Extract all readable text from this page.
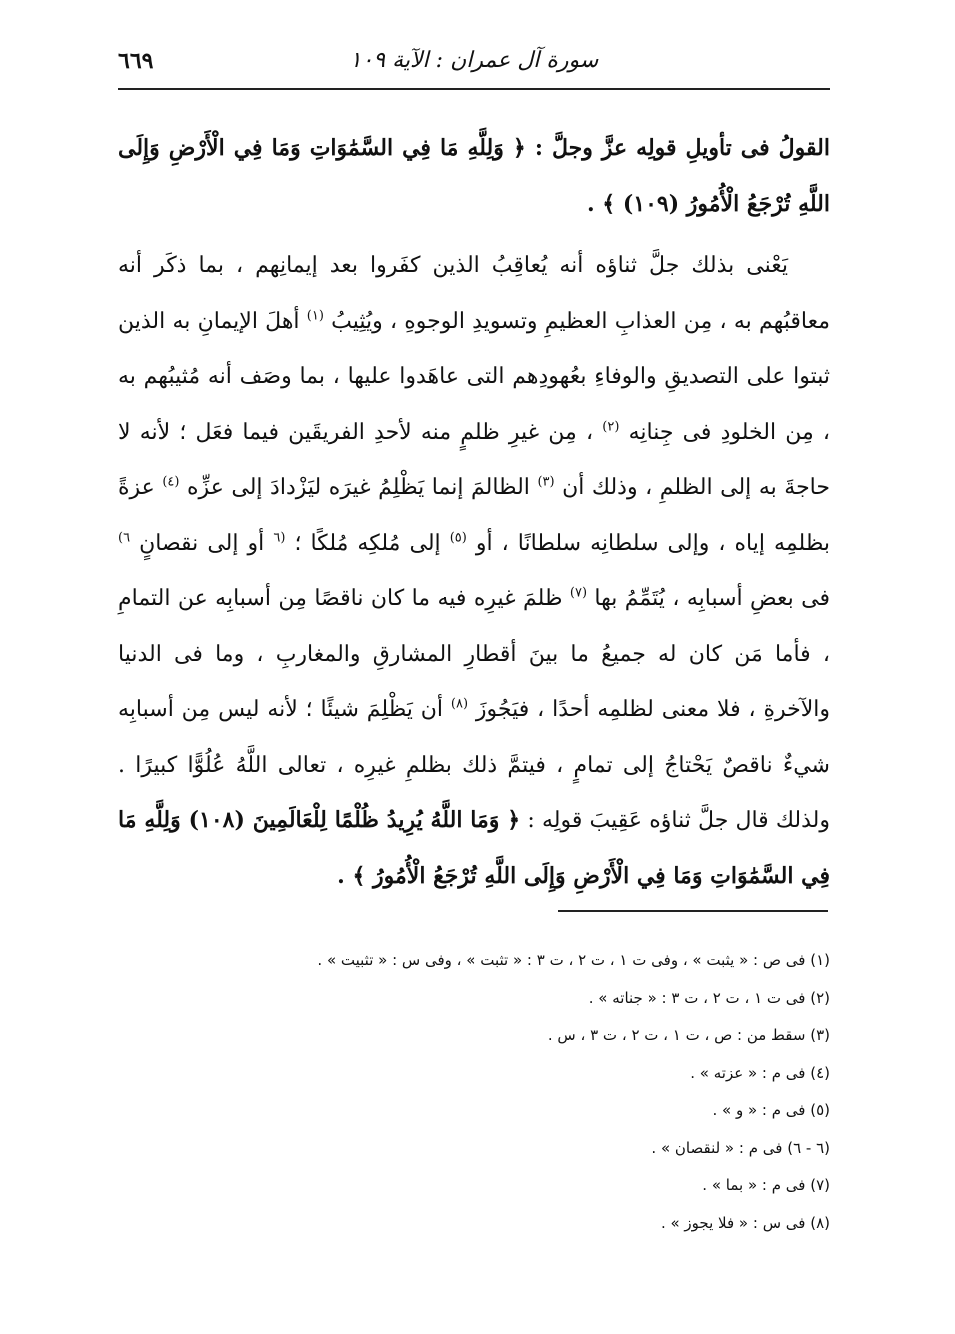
سورة آل عمران : الآية ١٠٩
٦٦٩
القولُ فى تأويلِ قولِه عزَّ وجلَّ : ﴿ وَلِلَّهِ مَا فِي السَّمَٰوَاتِ وَمَا فِي الْأَرْضِ وَإِلَى اللَّهِ تُرْجَعُ الْأُمُورُ (١٠٩) ﴾ .
يَعْنى بذلك جلَّ ثناؤه أنه يُعاقِبُ الذين كفَروا بعد إيمانِهم ، بما ذكَر أنه معاقبُهم به ، مِن العذابِ العظيمِ وتسويدِ الوجوهِ ، ويُثِيبُ $^{(١)}$ أهلَ الإيمانِ به الذين ثبتوا على التصديقِ والوفاءِ بعُهودِهم التى عاهَدوا عليها ، بما وصَف أنه مُثيبُهم به ، مِن الخلودِ فى جِنانِه $^{(٢)}$ ، مِن غيرِ ظلمٍ منه لأحدِ الفريقَين فيما فعَل ؛ لأنه لا حاجةَ به إلى الظلمِ ، وذلك أن $^{(٣)}$ الظالمَ إنما يَظْلِمُ غيرَه ليَزْدادَ إلى عزِّه $^{(٤)}$ عزةً بظلمِه إياه ، وإلى سلطانِه سلطانًا ، أو $^{(٥)}$ إلى مُلكِه مُلكًا ؛ $^{(٦}$ أو إلى نقصانٍ $^{٦)}$ فى بعضِ أسبابِه ، يُتَمِّمُ بها $^{(٧)}$ ظلمَ غيرِه فيه ما كان ناقصًا مِن أسبابِه عن التمامِ ، فأما مَن كان له جميعُ ما بينَ أقطارِ المشارقِ والمغاربِ ، وما فى الدنيا والآخرةِ ، فلا معنى لظلمِه أحدًا ، فيَجُوزَ $^{(٨)}$ أن يَظْلِمَ شيئًا ؛ لأنه ليس مِن أسبابِه شيءٌ ناقصٌ يَحْتاجُ إلى تمامٍ ، فيتمَّ ذلك بظلمِ غيرِه ، تعالى اللَّهُ عُلُوًّا كبيرًا . ولذلك قال جلَّ ثناؤه عَقِيبَ قولِه : ﴿ وَمَا اللَّهُ يُرِيدُ ظُلْمًا لِلْعَالَمِينَ (١٠٨) وَلِلَّهِ مَا فِي السَّمَٰوَاتِ وَمَا فِي الْأَرْضِ وَإِلَى اللَّهِ تُرْجَعُ الْأُمُورُ ﴾ .
(١) فى ص : « يثبت » ، وفى ت ١ ، ت ٢ ، ت ٣ : « تثبت » ، وفى س : « تثبيت » .
(٢) فى ت ١ ، ت ٢ ، ت ٣ : « جناته » .
(٣) سقط من : ص ، ت ١ ، ت ٢ ، ت ٣ ، س .
(٤) فى م : « عزته » .
(٥) فى م : « و » .
(٦ - ٦) فى م : « لنقصان » .
(٧) فى م : « بما » .
(٨) فى س : « فلا يجوز » .
